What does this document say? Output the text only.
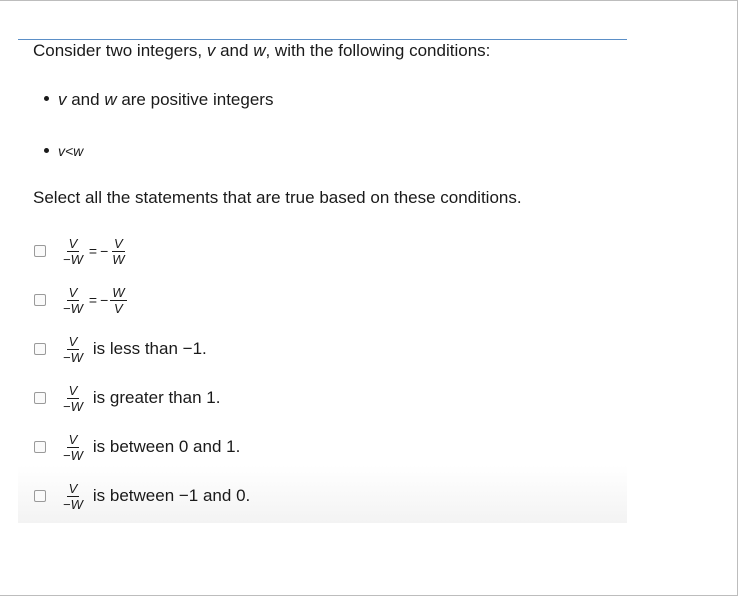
Consider two integers, v and w, with the following conditions:
v and w are positive integers
v<w
Select all the statements that are true based on these conditions.
$\frac{V}{-W}$ = − $\frac{V}{W}$
$\frac{V}{-W}$ = − $\frac{W}{V}$
$\frac{V}{-W}$ is less than −1.
$\frac{V}{-W}$ is greater than 1.
$\frac{V}{-W}$ is between 0 and 1.
$\frac{V}{-W}$ is between −1 and 0.
